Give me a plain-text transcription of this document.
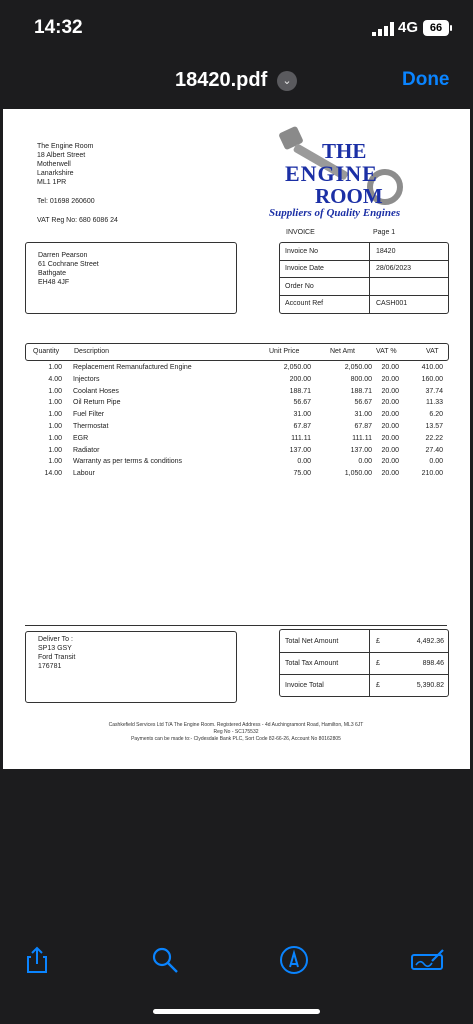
14:32	4G	66
18420.pdf	⌄	Done
The Engine Room
18 Albert Street
Motherwell
Lanarkshire
ML1 1PR
Tel: 01698 260600
VAT Reg No: 680 6086 24
THE
ENGINE
ROOM
Suppliers of Quality Engines
INVOICE	Page 1
Darren Pearson
61 Cochrane Street
Bathgate
EH48 4JF
Invoice No	18420
Invoice Date	28/06/2023
Order No
Account Ref	CASH001
Quantity Description	Unit Price	Net Amt	VAT %	VAT
1.00 Replacement Remanufactured Engine	2,050.00	2,050.00 20.00	410.00
4.00 Injectors	200.00	800.00 20.00	160.00
1.00 Coolant Hoses	188.71	188.71 20.00	37.74
1.00 Oil Return Pipe	56.67	56.67 20.00	11.33
1.00 Fuel Filter	31.00	31.00 20.00	6.20
1.00 Thermostat	67.87	67.87 20.00	13.57
1.00 EGR	111.11	111.11 20.00	22.22
1.00 Radiator	137.00	137.00 20.00	27.40
1.00 Warranty as per terms & conditions	0.00	0.00 20.00	0.00
14.00 Labour	75.00	1,050.00 20.00	210.00
Deliver To :
SP13 GSY
Ford Transit
176781
Total Net Amount	£	4,492.36
Total Tax Amount	£	898.46
Invoice Total	£	5,390.82
Cashkefield Services Ltd T/A The Engine Room. Registered Address - 4d Auchingramont Road, Hamilton, ML3 6JT
Reg No - SC175532
Payments can be made to:- Clydesdale Bank PLC, Sort Code 82-66-26, Account No 80162805
